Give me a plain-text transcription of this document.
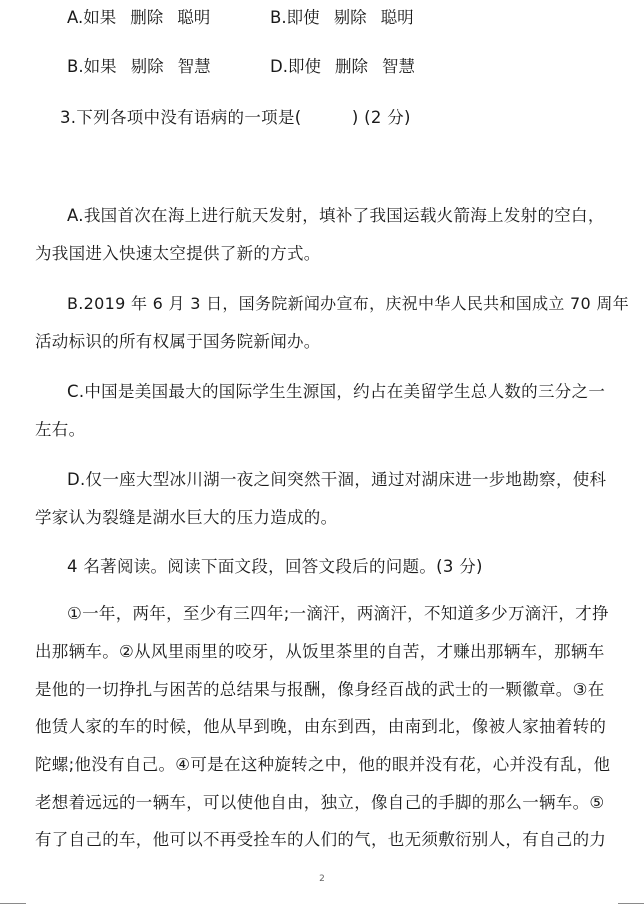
A.如果 删除 聪明	B.即使 剔除 聪明
B.如果 剔除 智慧	D.即使 删除 智慧
3.下列各项中没有语病的一项是(　　　) (2 分)
A.我国首次在海上进行航天发射，填补了我国运载火箭海上发射的空白，
为我国进入快速太空提供了新的方式。
B.2019 年 6 月 3 日，国务院新闻办宣布，庆祝中华人民共和国成立 70 周年
活动标识的所有权属于国务院新闻办。
C.中国是美国最大的国际学生生源国，约占在美留学生总人数的三分之一
左右。
D.仅一座大型冰川湖一夜之间突然干涸，通过对湖床进一步地勘察，使科
学家认为裂缝是湖水巨大的压力造成的。
4 名著阅读。阅读下面文段，回答文段后的问题。(3 分)
①一年，两年，至少有三四年;一滴汗，两滴汗，不知道多少万滴汗，才挣
出那辆车。②从风里雨里的咬牙，从饭里茶里的自苦，才赚出那辆车，那辆车
是他的一切挣扎与困苦的总结果与报酬，像身经百战的武士的一颗徽章。③在
他赁人家的车的时候，他从早到晚，由东到西，由南到北，像被人家抽着转的
陀螺;他没有自己。④可是在这种旋转之中，他的眼并没有花，心并没有乱，他
老想着远远的一辆车，可以使他自由，独立，像自己的手脚的那么一辆车。⑤
有了自己的车，他可以不再受拴车的人们的气，也无须敷衍别人，有自己的力
2
